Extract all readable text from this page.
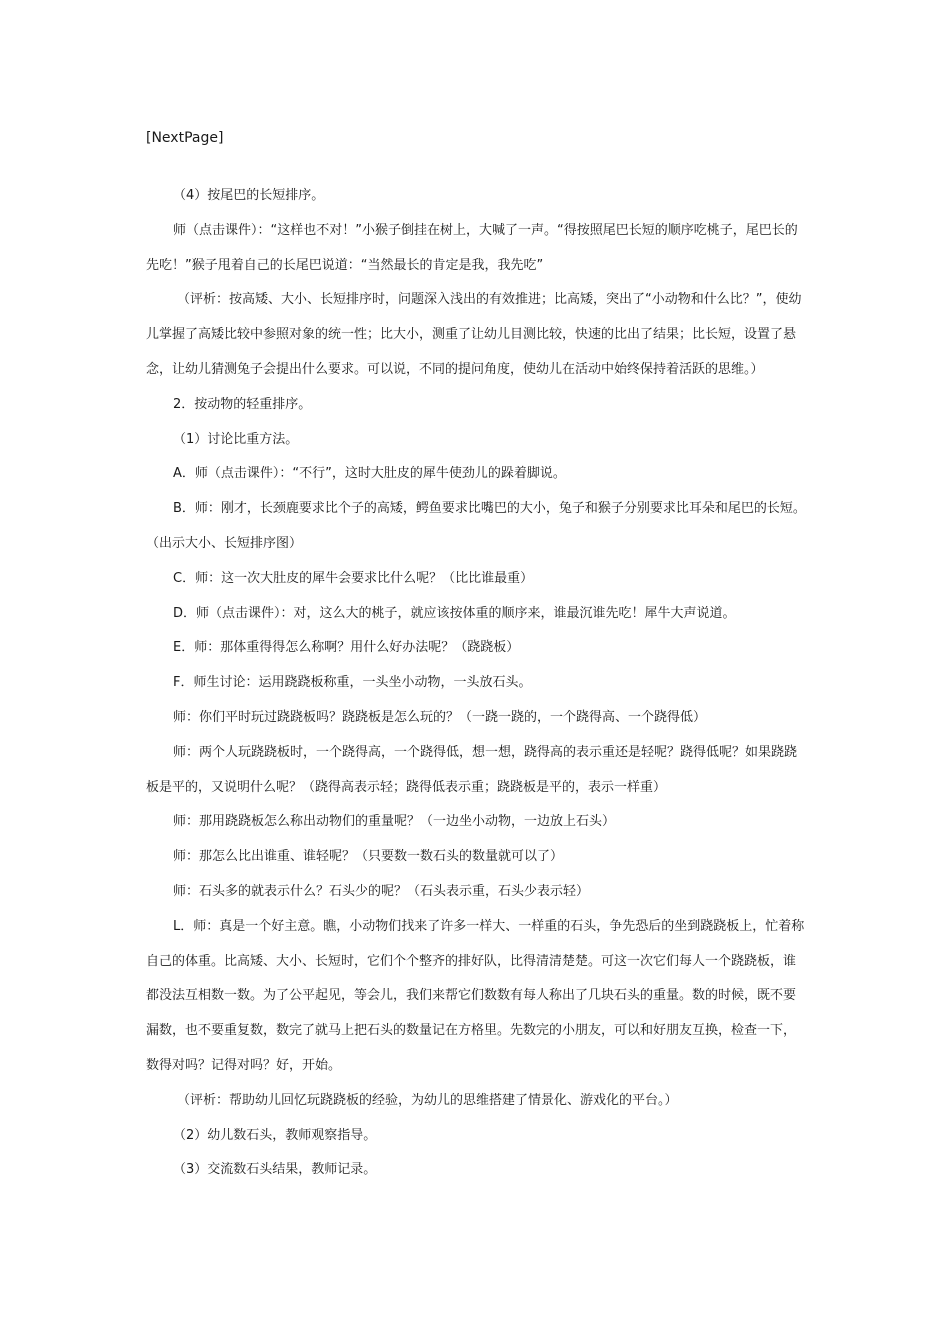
[NextPage]

（4）按尾巴的长短排序。

师（点击课件）：“这样也不对！”小猴子倒挂在树上，大喊了一声。“得按照尾巴长短的顺序吃桃子，尾巴长的先吃！”猴子甩着自己的长尾巴说道：“当然最长的肯定是我，我先吃”

（评析：按高矮、大小、长短排序时，问题深入浅出的有效推进；比高矮，突出了“小动物和什么比？”，使幼儿掌握了高矮比较中参照对象的统一性；比大小，测重了让幼儿目测比较，快速的比出了结果；比长短，设置了悬念，让幼儿猜测兔子会提出什么要求。可以说，不同的提问角度，使幼儿在活动中始终保持着活跃的思维。）

2．按动物的轻重排序。

（1）讨论比重方法。

A．师（点击课件）：“不行”，这时大肚皮的犀牛使劲儿的跺着脚说。

B．师：刚才，长颈鹿要求比个子的高矮，鳄鱼要求比嘴巴的大小，兔子和猴子分别要求比耳朵和尾巴的长短。（出示大小、长短排序图）

C．师：这一次大肚皮的犀牛会要求比什么呢？（比比谁最重）

D．师（点击课件）：对，这么大的桃子，就应该按体重的顺序来，谁最沉谁先吃！犀牛大声说道。

E．师：那体重得得怎么称啊？用什么好办法呢？（跷跷板）

F．师生讨论：运用跷跷板称重，一头坐小动物，一头放石头。

师：你们平时玩过跷跷板吗？跷跷板是怎么玩的？（一跷一跷的，一个跷得高、一个跷得低）

师：两个人玩跷跷板时，一个跷得高，一个跷得低，想一想，跷得高的表示重还是轻呢？跷得低呢？如果跷跷板是平的，又说明什么呢？（跷得高表示轻；跷得低表示重；跷跷板是平的，表示一样重）

师：那用跷跷板怎么称出动物们的重量呢？（一边坐小动物，一边放上石头）

师：那怎么比出谁重、谁轻呢？（只要数一数石头的数量就可以了）

师：石头多的就表示什么？石头少的呢？（石头表示重，石头少表示轻）

L．师：真是一个好主意。瞧，小动物们找来了许多一样大、一样重的石头，争先恐后的坐到跷跷板上，忙着称自己的体重。比高矮、大小、长短时，它们个个整齐的排好队，比得清清楚楚。可这一次它们每人一个跷跷板，谁都没法互相数一数。为了公平起见，等会儿，我们来帮它们数数有每人称出了几块石头的重量。数的时候，既不要漏数，也不要重复数，数完了就马上把石头的数量记在方格里。先数完的小朋友，可以和好朋友互换，检查一下，数得对吗？记得对吗？好，开始。

（评析：帮助幼儿回忆玩跷跷板的经验，为幼儿的思维搭建了情景化、游戏化的平台。）

（2）幼儿数石头，教师观察指导。

（3）交流数石头结果，教师记录。
